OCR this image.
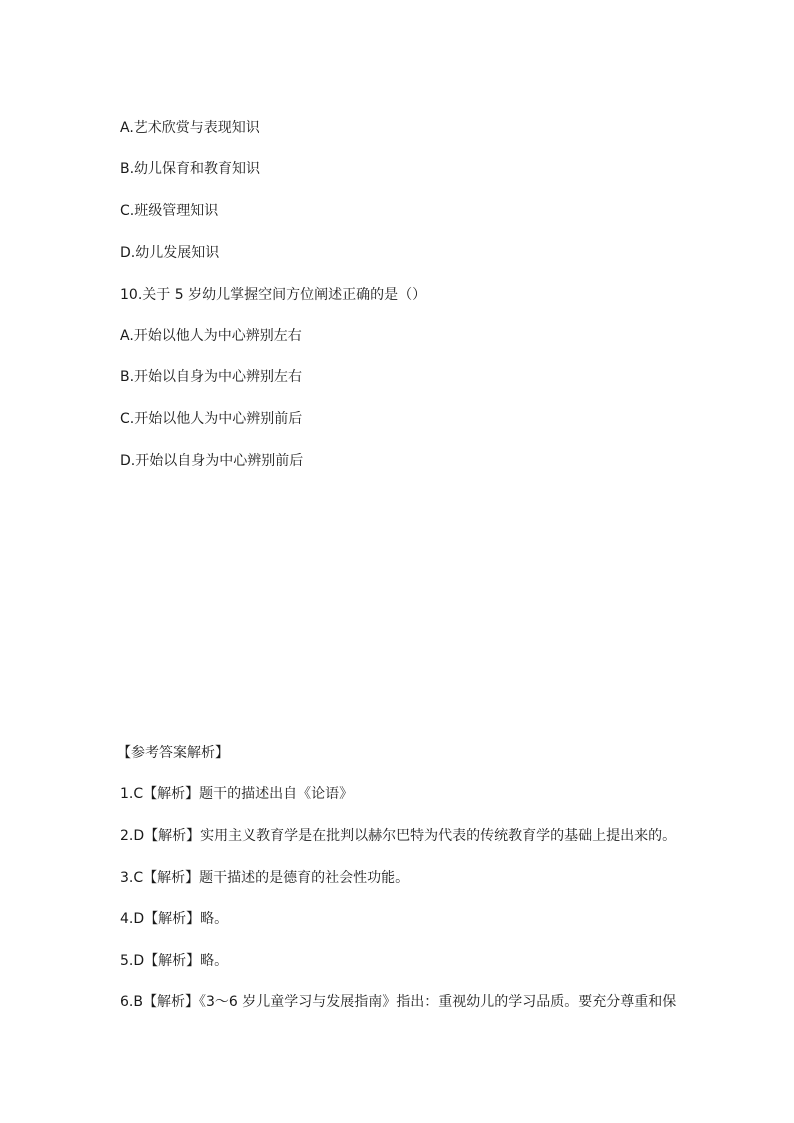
A.艺术欣赏与表现知识
B.幼儿保育和教育知识
C.班级管理知识
D.幼儿发展知识
10.关于 5 岁幼儿掌握空间方位阐述正确的是（）
A.开始以他人为中心辨别左右
B.开始以自身为中心辨别左右
C.开始以他人为中心辨别前后
D.开始以自身为中心辨别前后
【参考答案解析】
1.C【解析】题干的描述出自《论语》
2.D【解析】实用主义教育学是在批判以赫尔巴特为代表的传统教育学的基础上提出来的。
3.C【解析】题干描述的是德育的社会性功能。
4.D【解析】略。
5.D【解析】略。
6.B【解析】《3～6 岁儿童学习与发展指南》指出：重视幼儿的学习品质。要充分尊重和保
